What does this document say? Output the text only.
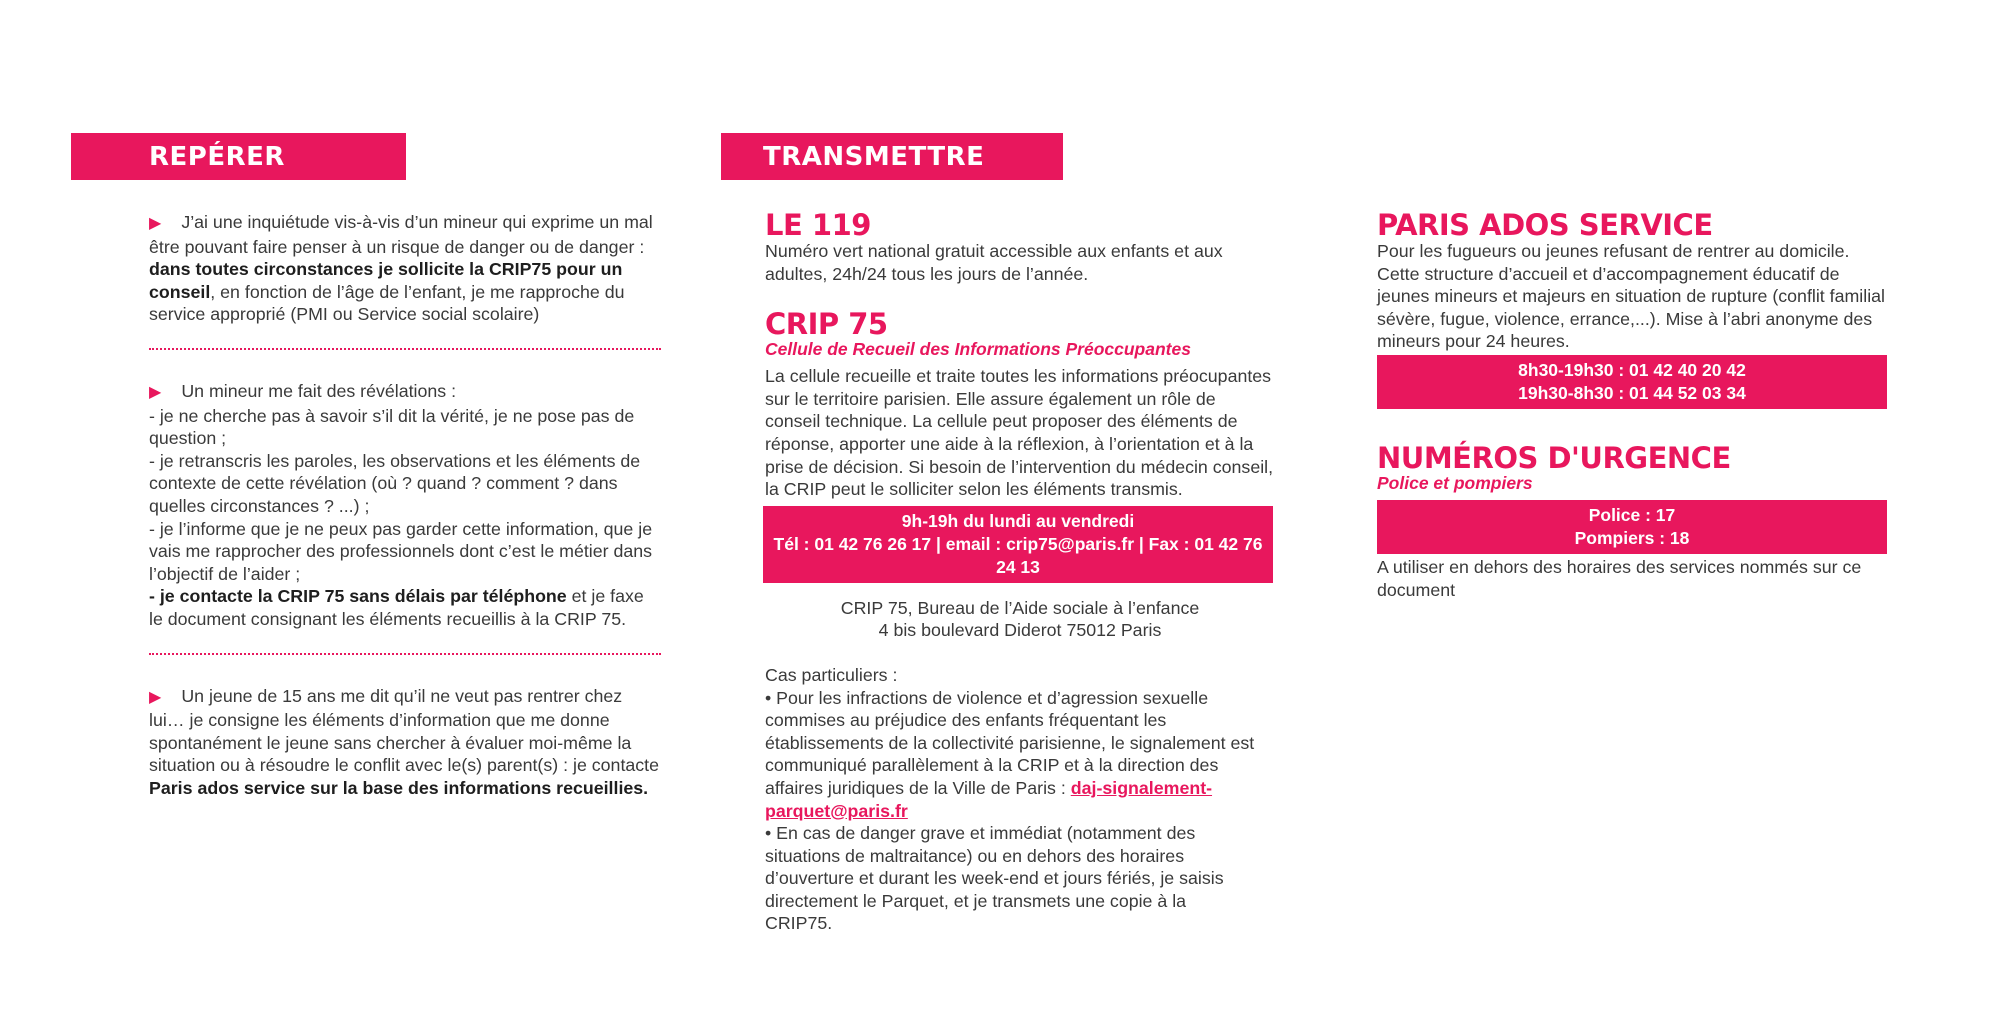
REPÉRER

▶ J’ai une inquiétude vis-à-vis d’un mineur qui exprime un mal être pouvant faire penser à un risque de danger ou de danger : dans toutes circonstances je sollicite la CRIP75 pour un conseil, en fonction de l’âge de l’enfant, je me rapproche du service approprié (PMI ou Service social scolaire)

▶ Un mineur me fait des révélations :
- je ne cherche pas à savoir s’il dit la vérité, je ne pose pas de question ;
- je retranscris les paroles, les observations et les éléments de contexte de cette révélation (où ? quand ? comment ? dans quelles circonstances ? ...) ;
- je l’informe que je ne peux pas garder cette information, que je vais me rapprocher des professionnels dont c’est le métier dans l’objectif de l’aider ;
- je contacte la CRIP 75 sans délais par téléphone et je faxe le document consignant les éléments recueillis à la CRIP 75.

▶ Un jeune de 15 ans me dit qu’il ne veut pas rentrer chez lui… je consigne les éléments d’information que me donne spontanément le jeune sans chercher à évaluer moi-même la situation ou à résoudre le conflit avec le(s) parent(s) : je contacte Paris ados service sur la base des informations recueillies.

TRANSMETTRE
LE 119

Numéro vert national gratuit accessible aux enfants et aux adultes, 24h/24 tous les jours de l’année.

CRIP 75
Cellule de Recueil des Informations Préoccupantes

La cellule recueille et traite toutes les informations préocupantes sur le territoire parisien. Elle assure également un rôle de conseil technique. La cellule peut proposer des éléments de réponse, apporter une aide à la réflexion, à l’orientation et à la prise de décision. Si besoin de l’intervention du médecin conseil, la CRIP peut le solliciter selon les éléments transmis.

9h-19h du lundi au vendredi
Tél : 01 42 76 26 17 | email : crip75@paris.fr | Fax : 01 42 76 24 13

CRIP 75, Bureau de l’Aide sociale à l’enfance
4 bis boulevard Diderot 75012 Paris

Cas particuliers :
• Pour les infractions de violence et d’agression sexuelle commises au préjudice des enfants fréquentant les établissements de la collectivité parisienne, le signalement est communiqué parallèlement à la CRIP et à la direction des affaires juridiques de la Ville de Paris : daj-signalement-parquet@paris.fr
• En cas de danger grave et immédiat (notamment des situations de maltraitance) ou en dehors des horaires d’ouverture et durant les week-end et jours fériés, je saisis directement le Parquet, et je transmets une copie à la CRIP75.

PARIS ADOS SERVICE

Pour les fugueurs ou jeunes refusant de rentrer au domicile. Cette structure d’accueil et d’accompagnement éducatif de jeunes mineurs et majeurs en situation de rupture (conflit familial sévère, fugue, violence, errance,...). Mise à l’abri anonyme des mineurs pour 24 heures.

8h30-19h30 : 01 42 40 20 42
19h30-8h30 : 01 44 52 03 34
NUMÉROS D'URGENCE
Police et pompiers
Police : 17
Pompiers : 18

A utiliser en dehors des horaires des services nommés sur ce document
